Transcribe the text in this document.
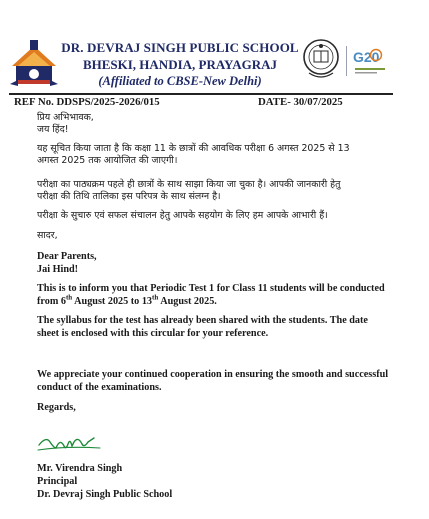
DR. DEVRAJ SINGH PUBLIC SCHOOL
BHESKI, HANDIA, PRAYAGRAJ
(Affiliated to CBSE-New Delhi)
G20
REF No. DDSPS/2025-2026/015	DATE- 30/07/2025
प्रिय अभिभावक,
जय हिंद!
यह सूचित किया जाता है कि कक्षा 11 के छात्रों की आवधिक परीक्षा 6 अगस्त 2025 से 13
अगस्त 2025 तक आयोजित की जाएगी।
परीक्षा का पाठ्यक्रम पहले ही छात्रों के साथ साझा किया जा चुका है। आपकी जानकारी हेतु
परीक्षा की तिथि तालिका इस परिपत्र के साथ संलग्न है।
परीक्षा के सुचारु एवं सफल संचालन हेतु आपके सहयोग के लिए हम आपके आभारी हैं।
सादर,
Dear Parents,
Jai Hind!
This is to inform you that Periodic Test 1 for Class 11 students will be conducted
from 6th August 2025 to 13th August 2025.
The syllabus for the test has already been shared with the students. The date
sheet is enclosed with this circular for your reference.
We appreciate your continued cooperation in ensuring the smooth and successful
conduct of the examinations.
Regards,
Mr. Virendra Singh
Principal
Dr. Devraj Singh Public School
